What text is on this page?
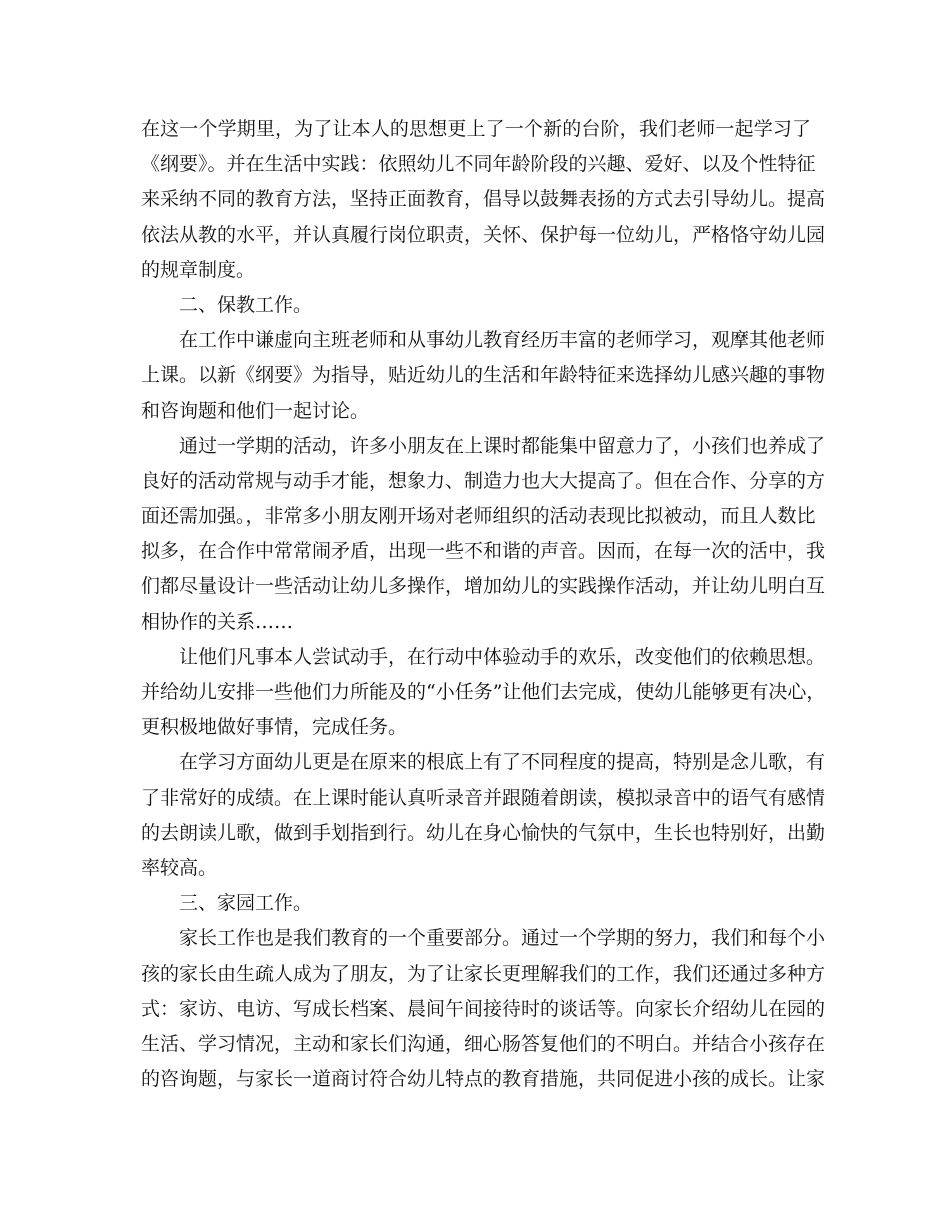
在这一个学期里，为了让本人的思想更上了一个新的台阶，我们老师一起学习了
《纲要》。并在生活中实践：依照幼儿不同年龄阶段的兴趣、爱好、以及个性特征
来采纳不同的教育方法，坚持正面教育，倡导以鼓舞表扬的方式去引导幼儿。提高
依法从教的水平，并认真履行岗位职责，关怀、保护每一位幼儿，严格恪守幼儿园
的规章制度。
二、保教工作。
在工作中谦虚向主班老师和从事幼儿教育经历丰富的老师学习，观摩其他老师
上课。以新《纲要》为指导，贴近幼儿的生活和年龄特征来选择幼儿感兴趣的事物
和咨询题和他们一起讨论。
通过一学期的活动，许多小朋友在上课时都能集中留意力了，小孩们也养成了
良好的活动常规与动手才能，想象力、制造力也大大提高了。但在合作、分享的方
面还需加强。，非常多小朋友刚开场对老师组织的活动表现比拟被动，而且人数比
拟多，在合作中常常闹矛盾，出现一些不和谐的声音。因而，在每一次的活中，我
们都尽量设计一些活动让幼儿多操作，增加幼儿的实践操作活动，并让幼儿明白互
相协作的关系……
让他们凡事本人尝试动手，在行动中体验动手的欢乐，改变他们的依赖思想。
并给幼儿安排一些他们力所能及的“小任务”让他们去完成，使幼儿能够更有决心，
更积极地做好事情，完成任务。
在学习方面幼儿更是在原来的根底上有了不同程度的提高，特别是念儿歌，有
了非常好的成绩。在上课时能认真听录音并跟随着朗读，模拟录音中的语气有感情
的去朗读儿歌，做到手划指到行。幼儿在身心愉快的气氛中，生长也特别好，出勤
率较高。
三、家园工作。
家长工作也是我们教育的一个重要部分。通过一个学期的努力，我们和每个小
孩的家长由生疏人成为了朋友，为了让家长更理解我们的工作，我们还通过多种方
式：家访、电访、写成长档案、晨间午间接待时的谈话等。向家长介绍幼儿在园的
生活、学习情况，主动和家长们沟通，细心肠答复他们的不明白。并结合小孩存在
的咨询题，与家长一道商讨符合幼儿特点的教育措施，共同促进小孩的成长。让家
